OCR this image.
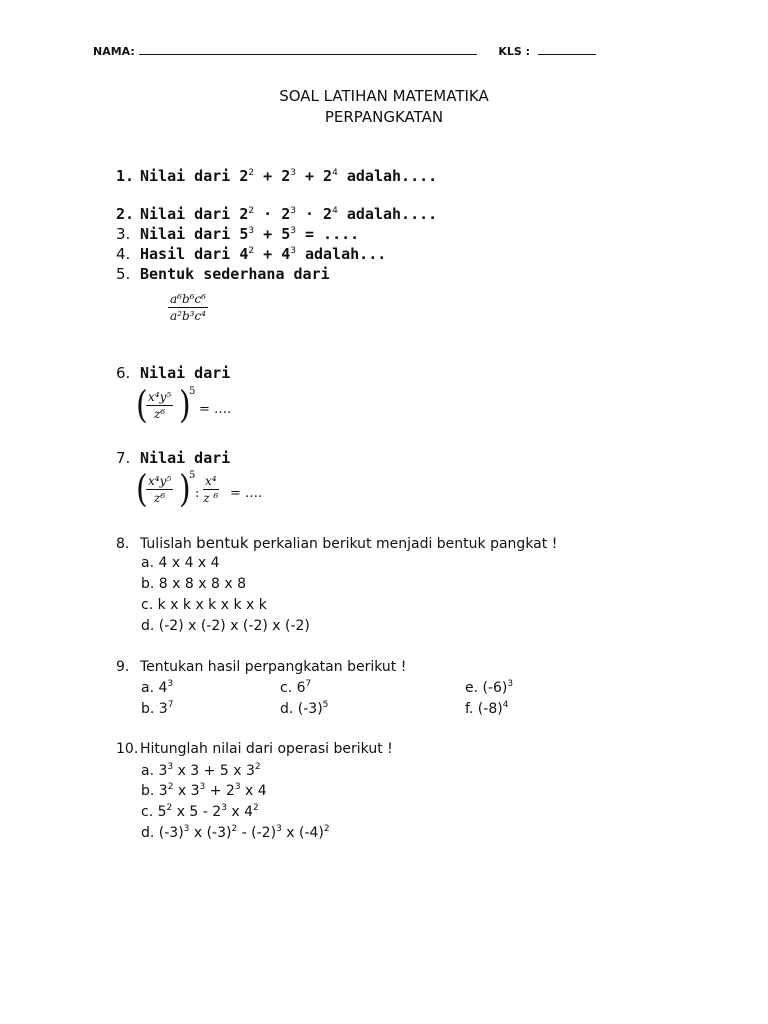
NAMA:	KLS :
SOAL LATIHAN MATEMATIKA
PERPANGKATAN
1. Nilai dari $2^2 + 2^3 + 2^4$ adalah....
2. Nilai dari $2^2 \cdot 2^3 \cdot 2^4$ adalah....
3. Nilai dari $5^3 + 5^3$ = ....
4. Hasil dari $4^2 + 4^3$ adalah...
5. Bentuk sederhana dari
$\frac{\text{a⁶b⁶c⁶}}{\text{a²b³c⁴}}$
6. Nilai dari
(
$\frac{\text{x⁴y⁵}}{\text{z⁶}}$ )
5
= ….
7. Nilai dari
(
$\frac{\text{x⁴y⁵}}{\text{z⁶}}$ )
5
: $\frac{\text{x⁴}}{\text{z ⁶}}$ = ….
8. Tulislah bentuk perkalian berikut menjadi bentuk pangkat !
a. 4 x 4 x 4
b. 8 x 8 x 8 x 8
c. k x k x k x k x k
d. (-2) x (-2) x (-2) x (-2)
9. Tentukan hasil perpangkatan berikut !
a. $4^3$	c. $6^7$	e. $(-6)^3$
b. $3^7$	d. $(-3)^5$	f. $(-8)^4$
10. Hitunglah nilai dari operasi berikut !
a. $3^3$ x 3 + 5 x $3^2$
b. $3^2$ x $3^3 + 2^3$ x 4
c. $5^2$ x $5 - 2^3$ x $4^2$
d. $(-3)^3$ x $(-3)^2 - (-2)^3$ x $(-4)^2$
